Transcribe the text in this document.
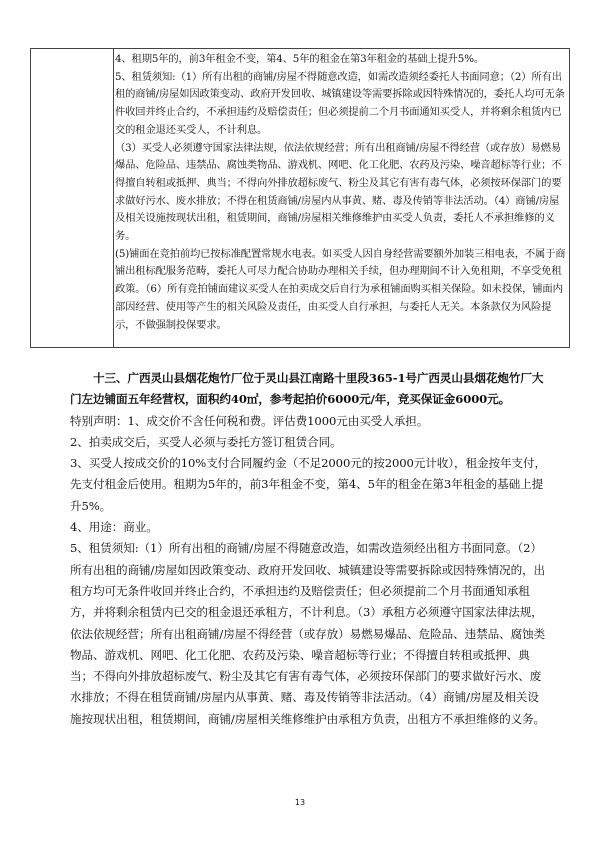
4、租期5年的，前3年租金不变，第4、5年的租金在第3年租金的基础上提升5%。

5、租赁须知:（1）所有出租的商铺/房屋不得随意改造，如需改造须经委托人书面同意；（2）所有出租的商铺/房屋如因政策变动、政府开发回收、城镇建设等需要拆除或因特殊情况的，委托人均可无条件收回并终止合约，不承担违约及赔偿责任；但必须提前二个月书面通知买受人，并将剩余租赁内已交的租金退还买受人，不计利息。

（3）买受人必须遵守国家法律法规，依法依规经营；所有出租商铺/房屋不得经营（或存放）易燃易爆品、危险品、违禁品、腐蚀类物品、游戏机、网吧、化工化肥、农药及污染、噪音超标等行业；不得擅自转租或抵押、典当；不得向外排放超标废气、粉尘及其它有害有毒气体，必须按环保部门的要求做好污水、废水排放；不得在租赁商铺/房屋内从事黄、赌、毒及传销等非法活动。（4）商铺/房屋及相关设施按现状出租，租赁期间，商铺/房屋相关维修维护由买受人负责，委托人不承担维修的义务。

(5)铺面在竞拍前均已按标准配置常规水电表。如买受人因自身经营需要额外加装三相电表，不属于商铺出租标配服务范畴，委托人可尽力配合协助办理相关手续，但办理期间不计入免租期，不享受免租政策。（6）所有竞拍铺面建议买受人在拍卖成交后自行为承租铺面购买相关保险。如未投保，铺面内部因经营、使用等产生的相关风险及责任，由买受人自行承担，与委托人无关。本条款仅为风险提示，不做强制投保要求。

十三、广西灵山县烟花炮竹厂位于灵山县江南路十里段365-1号广西灵山县烟花炮竹厂大门左边铺面五年经营权，面积约40㎡，参考起拍价6000元/年，竞买保证金6000元。

特别声明：1、成交价不含任何税和费。评估费1000元由买受人承担。

2、拍卖成交后，买受人必须与委托方签订租赁合同。

3、买受人按成交价的10%支付合同履约金（不足2000元的按2000元计收），租金按年支付，先支付租金后使用。租期为5年的，前3年租金不变，第4、5年的租金在第3年租金的基础上提升5%。

4、用途：商业。

5、租赁须知:（1）所有出租的商铺/房屋不得随意改造，如需改造须经出租方书面同意。（2）所有出租的商铺/房屋如因政策变动、政府开发回收、城镇建设等需要拆除或因特殊情况的，出租方均可无条件收回并终止合约，不承担违约及赔偿责任；但必须提前二个月书面通知承租方，并将剩余租赁内已交的租金退还承租方，不计利息。（3）承租方必须遵守国家法律法规，依法依规经营；所有出租商铺/房屋不得经营（或存放）易燃易爆品、危险品、违禁品、腐蚀类物品、游戏机、网吧、化工化肥、农药及污染、噪音超标等行业；不得擅自转租或抵押、典当；不得向外排放超标废气、粉尘及其它有害有毒气体，必须按环保部门的要求做好污水、废水排放；不得在租赁商铺/房屋内从事黄、赌、毒及传销等非法活动。（4）商铺/房屋及相关设施按现状出租，租赁期间，商铺/房屋相关维修维护由承租方负责，出租方不承担维修的义务。

13
